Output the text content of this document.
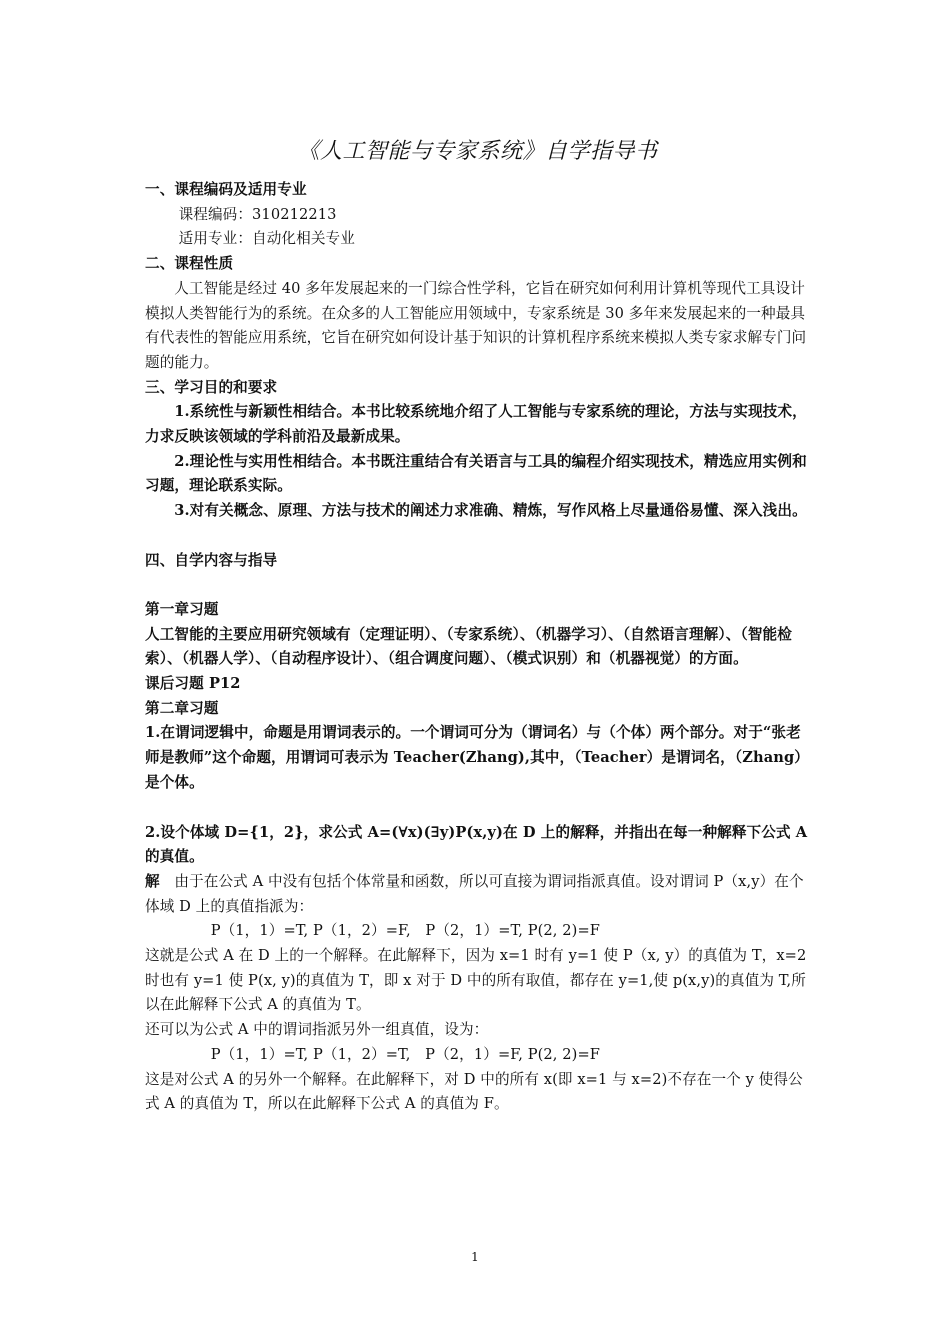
《人工智能与专家系统》自学指导书

一、课程编码及适用专业

课程编码：310212213

适用专业：自动化相关专业

二、课程性质

人工智能是经过 40 多年发展起来的一门综合性学科，它旨在研究如何利用计算机等现代工具设计模拟人类智能行为的系统。在众多的人工智能应用领域中，专家系统是 30 多年来发展起来的一种最具有代表性的智能应用系统，它旨在研究如何设计基于知识的计算机程序系统来模拟人类专家求解专门问题的能力。

三、学习目的和要求

1.系统性与新颖性相结合。本书比较系统地介绍了人工智能与专家系统的理论，方法与实现技术，力求反映该领域的学科前沿及最新成果。

2.理论性与实用性相结合。本书既注重结合有关语言与工具的编程介绍实现技术，精选应用实例和习题，理论联系实际。

3.对有关概念、原理、方法与技术的阐述力求准确、精炼，写作风格上尽量通俗易懂、深入浅出。

四、自学内容与指导

第一章习题

人工智能的主要应用研究领域有（定理证明）、（专家系统）、（机器学习）、（自然语言理解）、（智能检索）、（机器人学）、（自动程序设计）、（组合调度问题）、（模式识别）和（机器视觉）的方面。

课后习题 P12

第二章习题

1.在谓词逻辑中，命题是用谓词表示的。一个谓词可分为（谓词名）与（个体）两个部分。对于“张老师是教师”这个命题，用谓词可表示为 Teacher(Zhang),其中，（Teacher）是谓词名，（Zhang）是个体。

2.设个体域 D={1，2}，求公式 A=(∀x)(∃y)P(x,y)在 D 上的解释，并指出在每一种解释下公式 A 的真值。

解　由于在公式 A 中没有包括个体常量和函数，所以可直接为谓词指派真值。设对谓词 P（x,y）在个体域 D 上的真值指派为：

P（1，1）=T, P（1，2）=F,　P（2，1）=T, P(2, 2)=F

这就是公式 A 在 D 上的一个解释。在此解释下，因为 x=1 时有 y=1 使 P（x, y）的真值为 T，x=2 时也有 y=1 使 P(x, y)的真值为 T，即 x 对于 D 中的所有取值，都存在 y=1,使 p(x,y)的真值为 T,所以在此解释下公式 A 的真值为 T。

还可以为公式 A 中的谓词指派另外一组真值，设为：

P（1，1）=T, P（1，2）=T,　P（2，1）=F, P(2, 2)=F

这是对公式 A 的另外一个解释。在此解释下，对 D 中的所有 x(即 x=1 与 x=2)不存在一个 y 使得公式 A 的真值为 T，所以在此解释下公式 A 的真值为 F。

1
